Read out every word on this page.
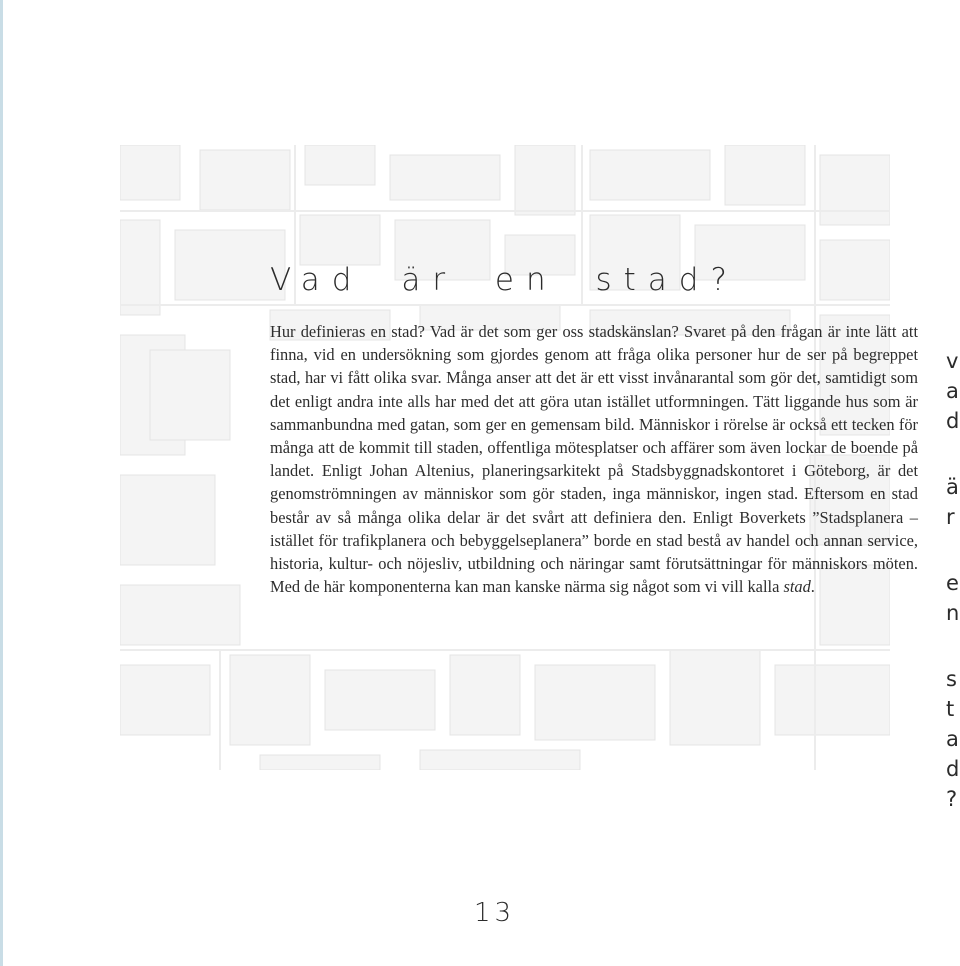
Vad är en stad?

Hur definieras en stad? Vad är det som ger oss stadskänslan? Svaret på den frågan är inte lätt att finna, vid en undersökning som gjordes genom att fråga olika personer hur de ser på begreppet stad, har vi fått olika svar. Många anser att det är ett visst invånarantal som gör det, samtidigt som det enligt andra inte alls har med det att göra utan istället utformningen. Tätt liggande hus som är sammanbundna med gatan, som ger en gemensam bild. Människor i rörelse är också ett tecken för många att de kommit till staden, offentliga mötesplatser och affärer som även lockar de boende på landet. Enligt Johan Altenius, planeringsarkitekt på Stadsbyggnadskontoret i Göteborg, är det genomströmningen av människor som gör staden, inga människor, ingen stad. Eftersom en stad består av så många olika delar är det svårt att definiera den. Enligt Boverkets ”Stadsplanera – istället för trafikplanera och bebyggelseplanera” borde en stad bestå av handel och annan service, historia, kultur- och nöjesliv, utbildning och näringar samt förutsättningar för människors möten. Med de här komponenterna kan man kanske närma sig något som vi vill kalla stad.

v
a
d
ä
r
e
n
s
t
a
d
?
13
